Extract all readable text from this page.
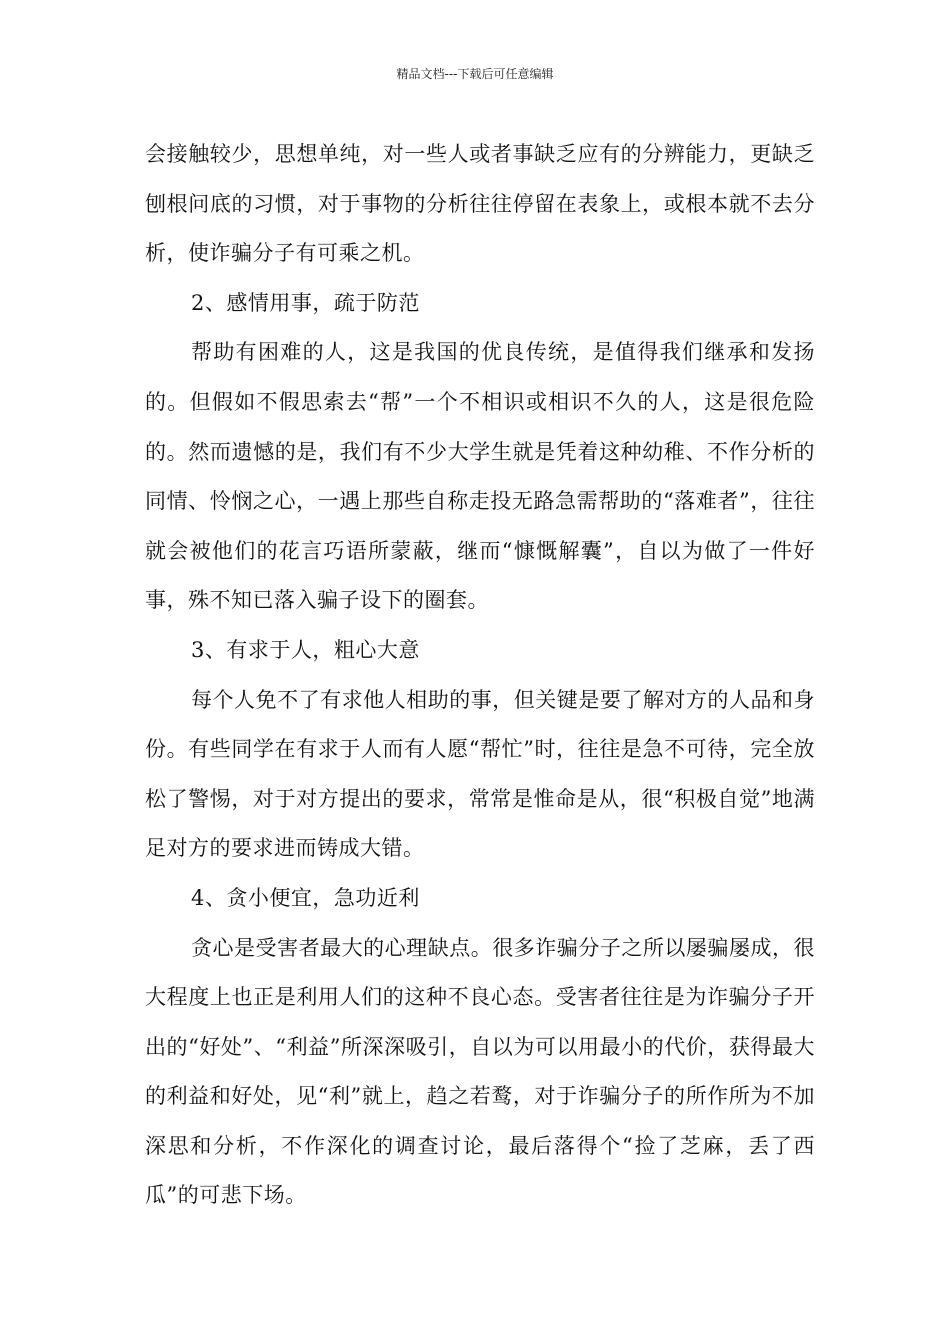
精品文档---下载后可任意编辑

会接触较少，思想单纯，对一些人或者事缺乏应有的分辨能力，更缺乏刨根问底的习惯，对于事物的分析往往停留在表象上，或根本就不去分析，使诈骗分子有可乘之机。

2、感情用事，疏于防范

帮助有困难的人，这是我国的优良传统，是值得我们继承和发扬的。但假如不假思索去“帮”一个不相识或相识不久的人，这是很危险的。然而遗憾的是，我们有不少大学生就是凭着这种幼稚、不作分析的同情、怜悯之心，一遇上那些自称走投无路急需帮助的“落难者”，往往就会被他们的花言巧语所蒙蔽，继而“慷慨解囊”，自以为做了一件好事，殊不知已落入骗子设下的圈套。

3、有求于人，粗心大意

每个人免不了有求他人相助的事，但关键是要了解对方的人品和身份。有些同学在有求于人而有人愿“帮忙”时，往往是急不可待，完全放松了警惕，对于对方提出的要求，常常是惟命是从，很“积极自觉”地满足对方的要求进而铸成大错。

4、贪小便宜，急功近利

贪心是受害者最大的心理缺点。很多诈骗分子之所以屡骗屡成，很大程度上也正是利用人们的这种不良心态。受害者往往是为诈骗分子开出的“好处”、“利益”所深深吸引，自以为可以用最小的代价，获得最大的利益和好处，见“利”就上，趋之若鹜，对于诈骗分子的所作所为不加深思和分析，不作深化的调查讨论，最后落得个“捡了芝麻，丢了西瓜”的可悲下场。
